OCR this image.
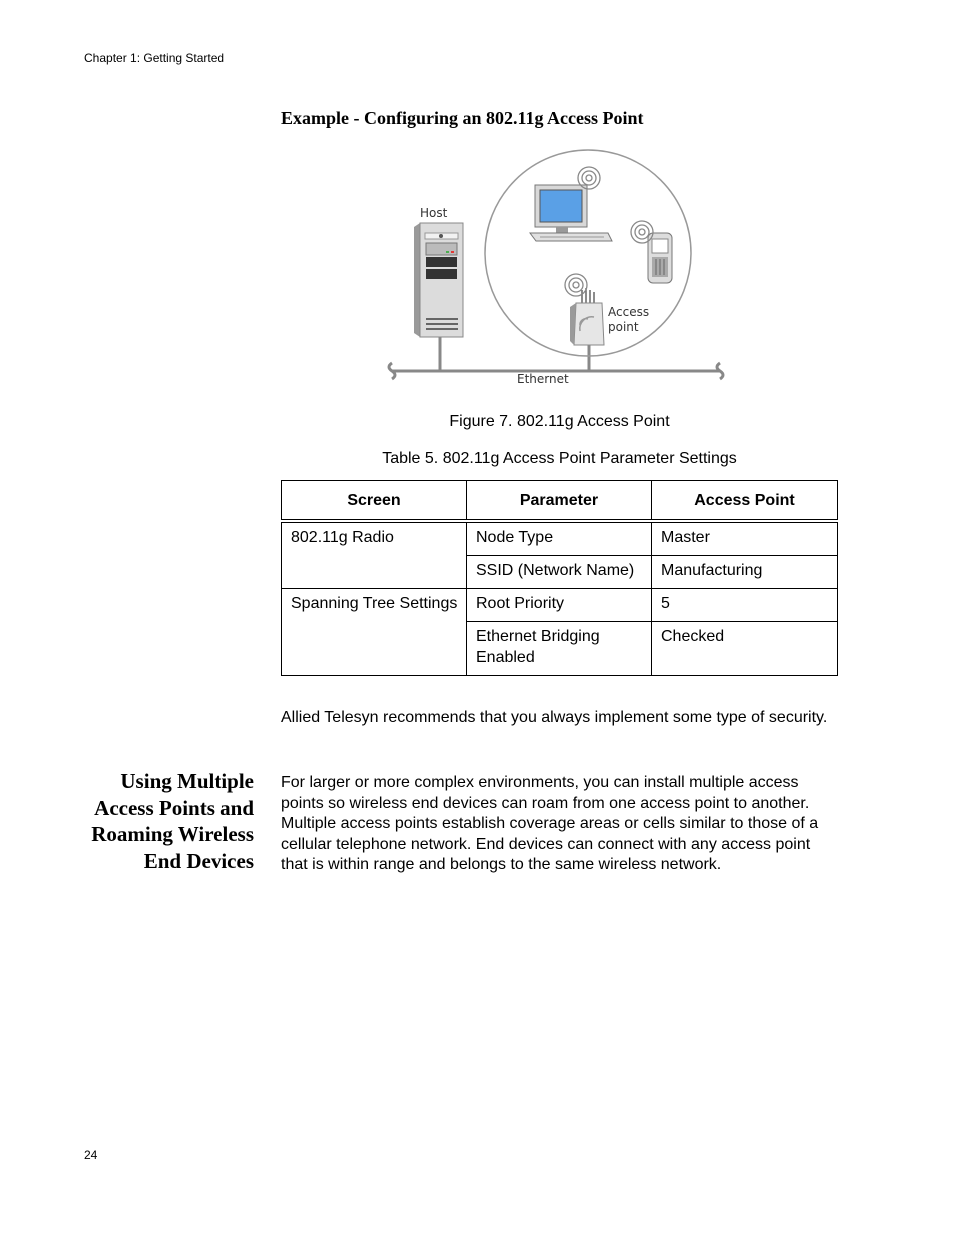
Chapter 1: Getting Started
Example - Configuring an 802.11g Access Point
Host
Access
point
Ethernet
Figure 7. 802.11g Access Point
Table 5. 802.11g Access Point Parameter Settings
Screen	Parameter	Access Point
802.11g Radio	Node Type	Master
	SSID (Network Name)	Manufacturing
Spanning Tree Settings	Root Priority	5
	Ethernet Bridging Enabled	Checked

Allied Telesyn recommends that you always implement some type of security.

Using Multiple Access Points and Roaming Wireless End Devices

For larger or more complex environments, you can install multiple access points so wireless end devices can roam from one access point to another. Multiple access points establish coverage areas or cells similar to those of a cellular telephone network. End devices can connect with any access point that is within range and belongs to the same wireless network.

24
